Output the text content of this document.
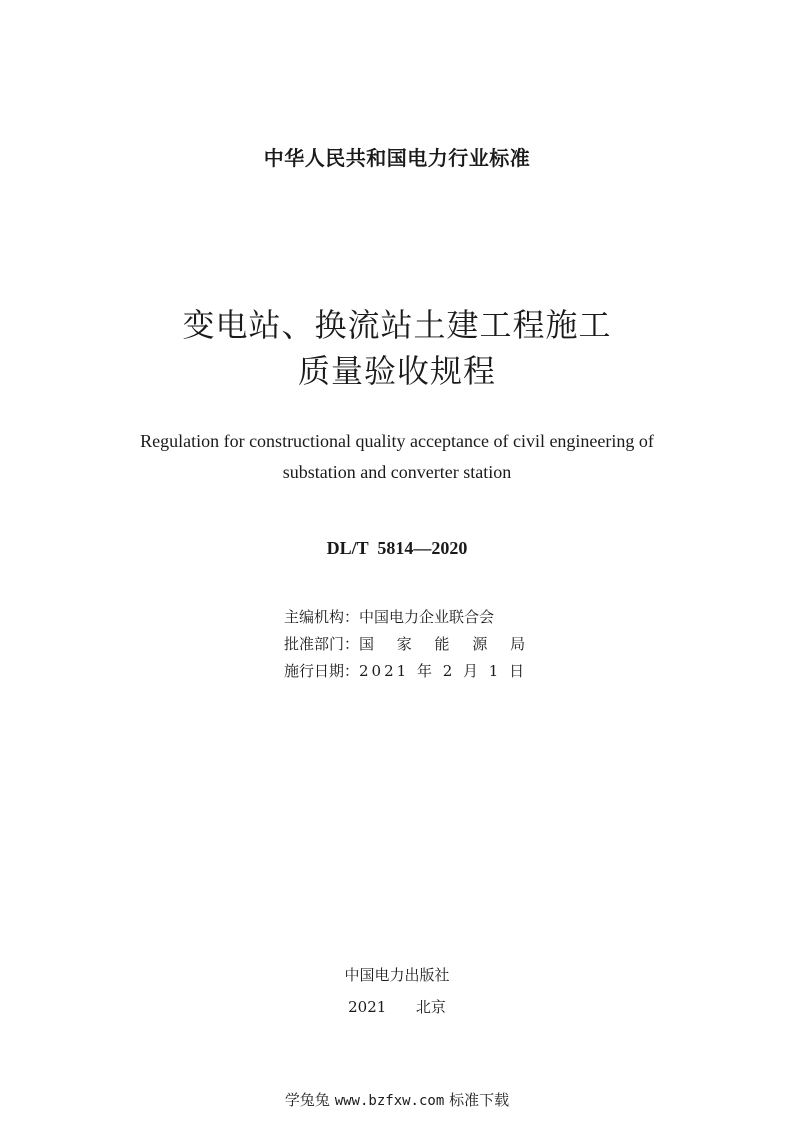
中华人民共和国电力行业标准
变电站、换流站土建工程施工
质量验收规程
Regulation for constructional quality acceptance of civil engineering of
substation and converter station
DL/T  5814—2020
主编机构：中国电力企业联合会
批准部门：国 家 能 源 局
施行日期：2021 年 2 月 1 日
中国电力出版社
2021  北京
学兔兔 www.bzfxw.com 标准下载
